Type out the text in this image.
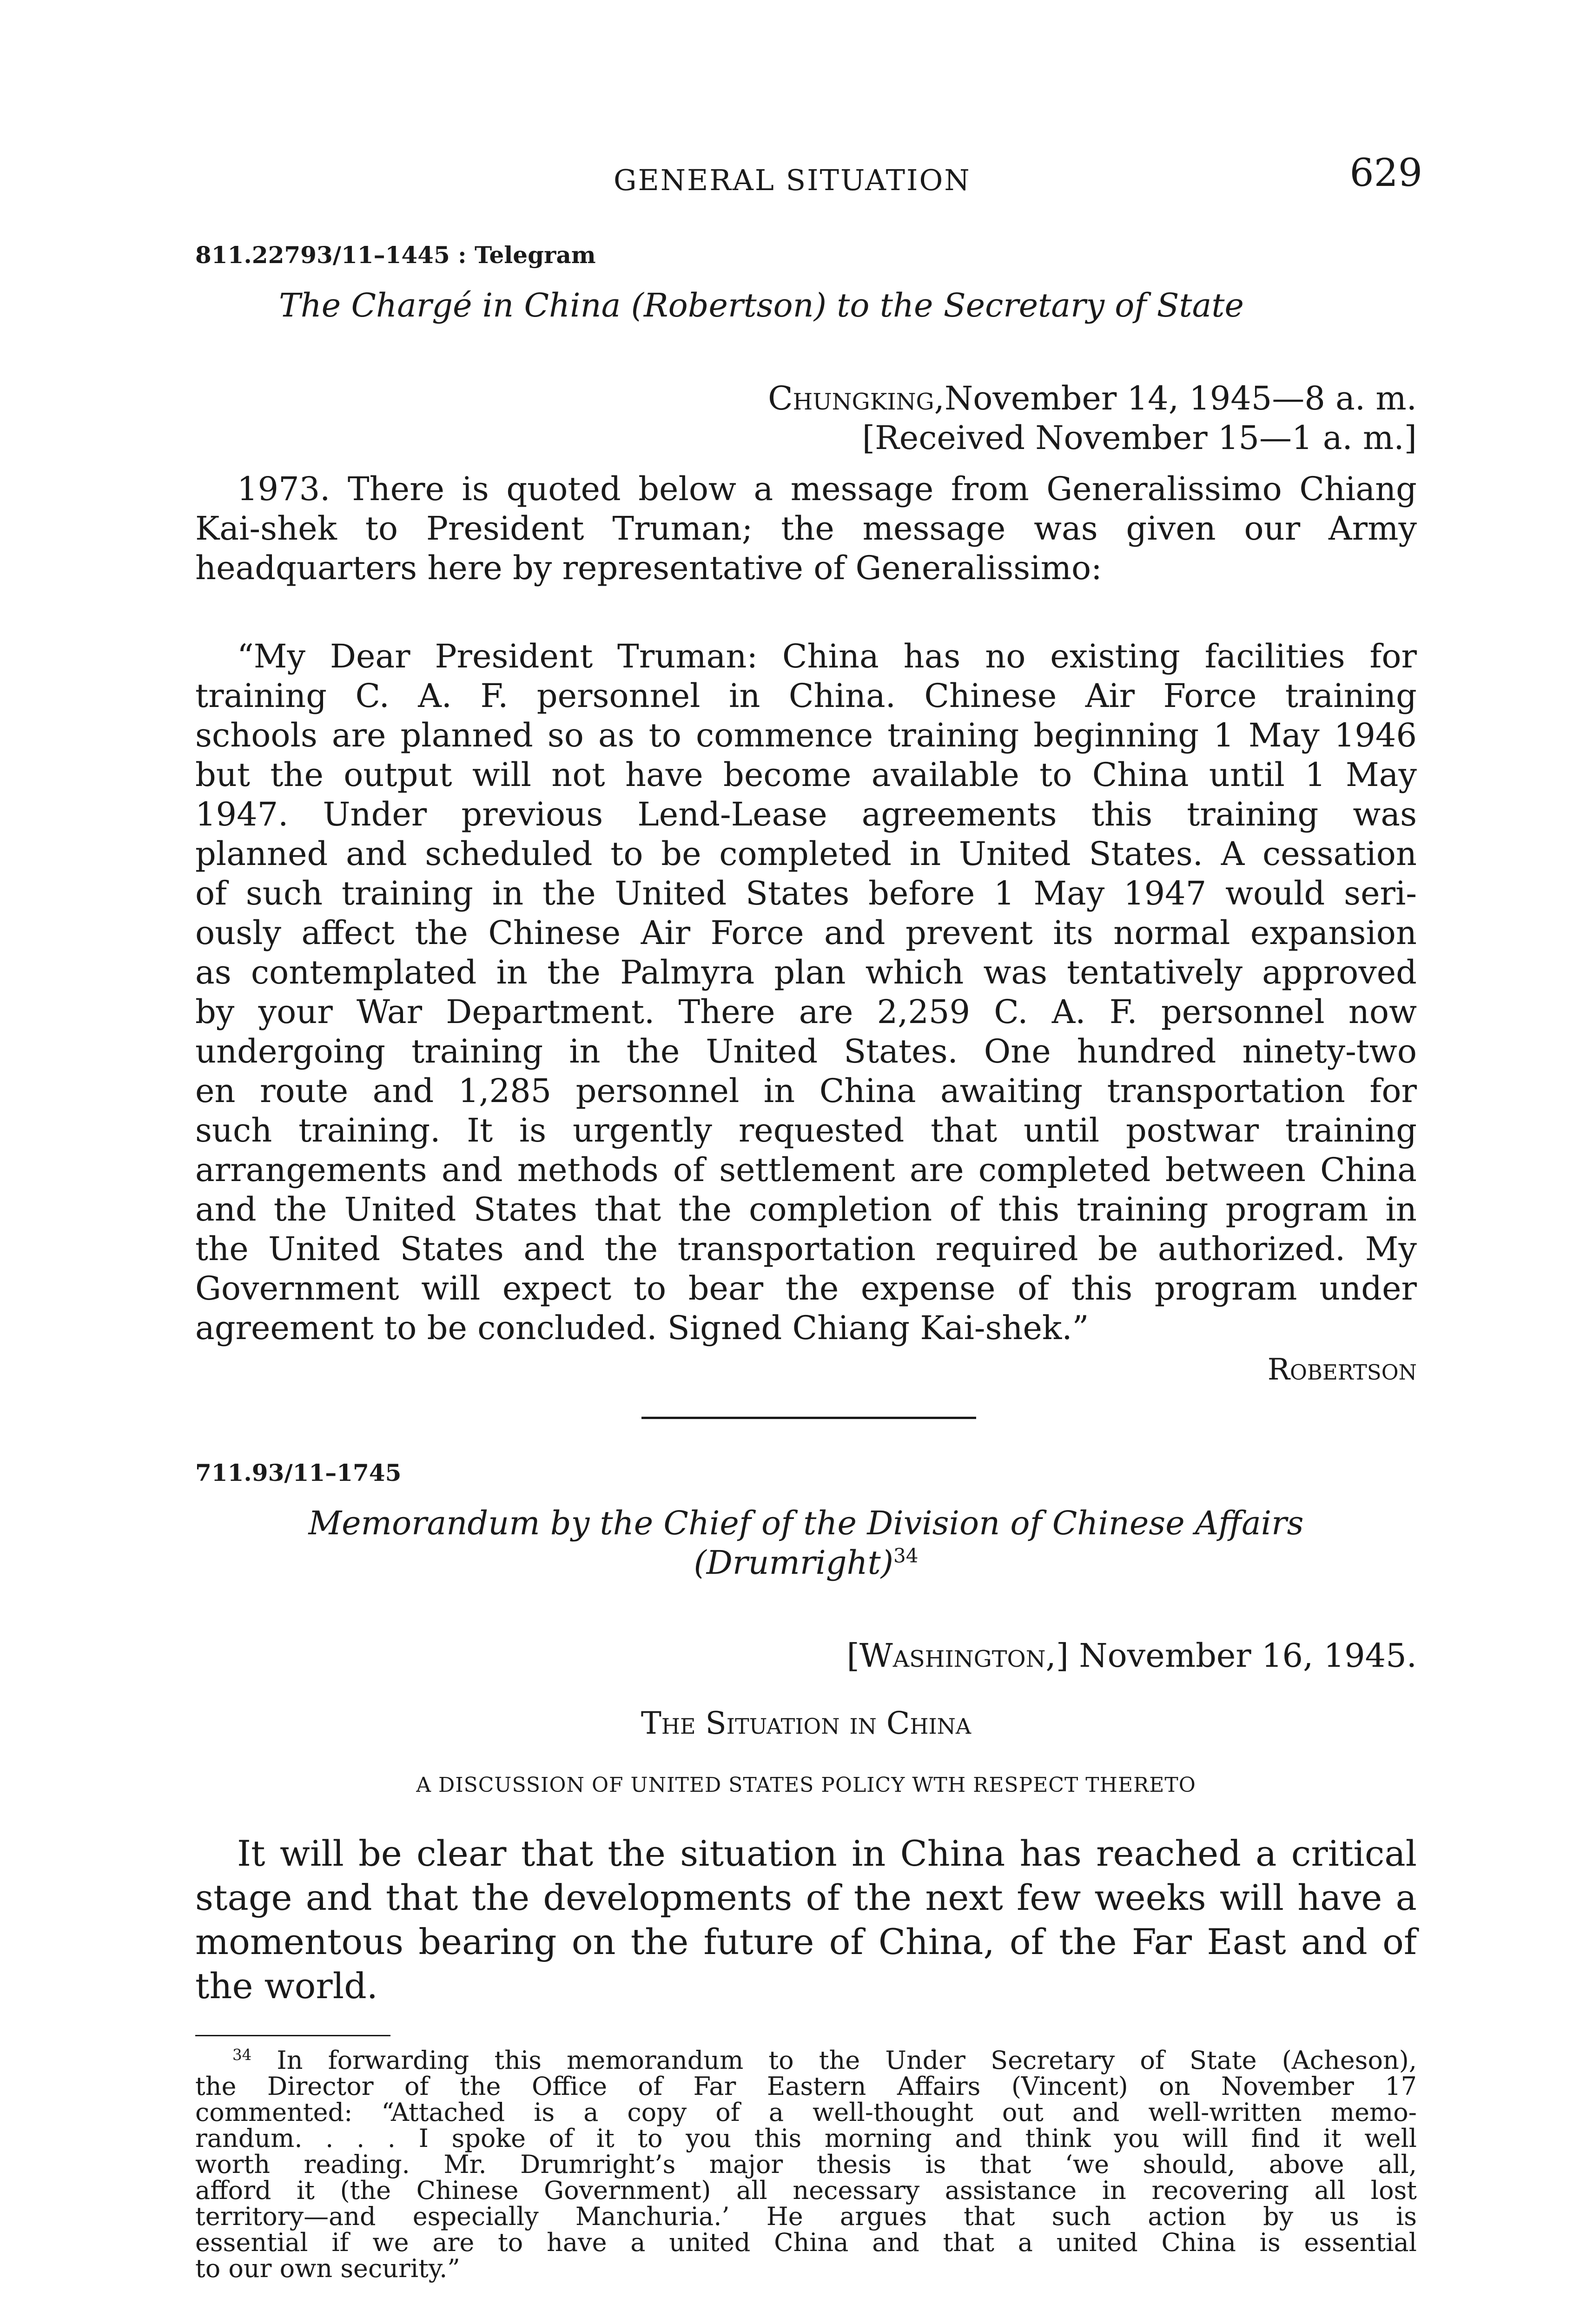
GENERAL SITUATION	629
811.22793/11–1445 : Telegram
The Chargé in China (Robertson) to the Secretary of State
Chungking,November 14, 1945—8 a. m.
[Received November 15—1 a. m.]
1973. There is quoted below a message from Generalissimo Chiang
Kai-shek to President Truman; the message was given our Army
headquarters here by representative of Generalissimo:
“My Dear President Truman: China has no existing facilities for
training C. A. F. personnel in China. Chinese Air Force training
schools are planned so as to commence training beginning 1 May 1946
but the output will not have become available to China until 1 May
1947. Under previous Lend-Lease agreements this training was
planned and scheduled to be completed in United States. A cessation
of such training in the United States before 1 May 1947 would seri-
ously affect the Chinese Air Force and prevent its normal expansion
as contemplated in the Palmyra plan which was tentatively approved
by your War Department. There are 2,259 C. A. F. personnel now
undergoing training in the United States. One hundred ninety-two
en route and 1,285 personnel in China awaiting transportation for
such training. It is urgently requested that until postwar training
arrangements and methods of settlement are completed between China
and the United States that the completion of this training program in
the United States and the transportation required be authorized. My
Government will expect to bear the expense of this program under
agreement to be concluded. Signed Chiang Kai-shek.”
Robertson
711.93/11–1745
Memorandum by the Chief of the Division of Chinese Affairs
(Drumright)$^{34}$
[Washington,] November 16, 1945.
The Situation in China
A DISCUSSION OF UNITED STATES POLICY WTH RESPECT THERETO
It will be clear that the situation in China has reached a critical
stage and that the developments of the next few weeks will have a
momentous bearing on the future of China, of the Far East and of
the world.
$^{34}$ In forwarding this memorandum to the Under Secretary of State (Acheson),
the Director of the Office of Far Eastern Affairs (Vincent) on November 17
commented: “Attached is a copy of a well-thought out and well-written memo-
randum. . . . I spoke of it to you this morning and think you will find it well
worth reading. Mr. Drumright’s major thesis is that ‘we should, above all,
afford it (the Chinese Government) all necessary assistance in recovering all lost
territory—and especially Manchuria.’ He argues that such action by us is
essential if we are to have a united China and that a united China is essential
to our own security.”
